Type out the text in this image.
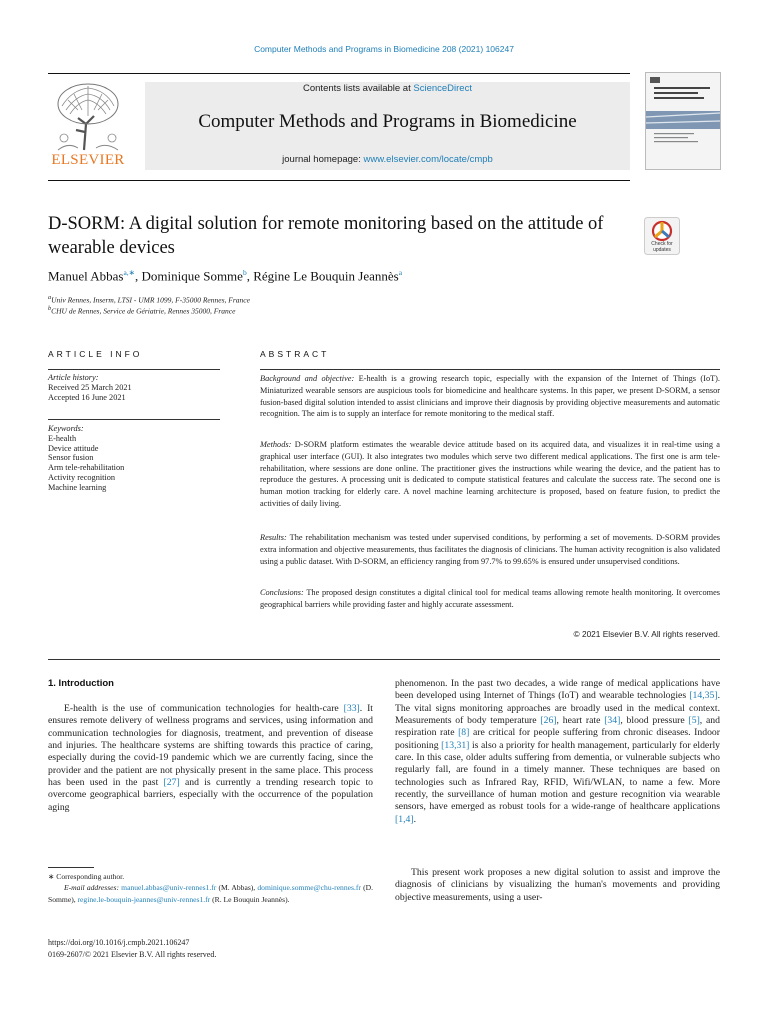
Computer Methods and Programs in Biomedicine 208 (2021) 106247
ELSEVIER
Contents lists available at ScienceDirect
Computer Methods and Programs in Biomedicine
journal homepage: www.elsevier.com/locate/cmpb
D-SORM: A digital solution for remote monitoring based on the attitude of wearable devices	Check for
updates
Manuel Abbas$^{a,∗}$, Dominique Somme$^b$, Régine Le Bouquin Jeannès$^a$
$^a$Univ Rennes, Inserm, LTSI - UMR 1099, F-35000 Rennes, France
$^b$CHU de Rennes, Service de Gériatrie, Rennes 35000, France
ARTICLE INFO
Article history:
Received 25 March 2021
Accepted 16 June 2021
Keywords:
E-health
Device attitude
Sensor fusion
Arm tele-rehabilitation
Activity recognition
Machine learning
ABSTRACT
Background and objective: E-health is a growing research topic, especially with the expansion of the Internet of Things (IoT). Miniaturized wearable sensors are auspicious tools for biomedicine and healthcare systems. In this paper, we present D-SORM, a sensor fusion-based digital solution intended to assist clinicians and improve their diagnosis by providing objective measurements and automatic recognition. The aim is to supply an interface for remote monitoring to the medical staff.
Methods: D-SORM platform estimates the wearable device attitude based on its acquired data, and visualizes it in real-time using a graphical user interface (GUI). It also integrates two modules which serve two different medical applications. The first one is arm tele-rehabilitation, where sessions are done online. The practitioner gives the instructions while wearing the device, and the patient has to reproduce the gestures. A processing unit is dedicated to compute statistical features and calculate the success rate. The second one is human motion tracking for elderly care. A novel machine learning architecture is proposed, based on feature fusion, to predict the activities of daily living.
Results: The rehabilitation mechanism was tested under supervised conditions, by performing a set of movements. D-SORM provides extra information and objective measurements, thus facilitates the diagnosis of clinicians. The human activity recognition is also validated using a public dataset. With D-SORM, an efficiency ranging from 97.7% to 99.65% is ensured under unsupervised conditions.
Conclusions: The proposed design constitutes a digital clinical tool for medical teams allowing remote health monitoring. It overcomes geographical barriers while providing faster and highly accurate assessment.
© 2021 Elsevier B.V. All rights reserved.
1. Introduction
E-health is the use of communication technologies for health-care [33]. It ensures remote delivery of wellness programs and services, using information and communication technologies for diagnosis, treatment, and prevention of disease and injuries. The healthcare systems are shifting towards this practice of caring, especially during the covid-19 pandemic which we are currently facing, since the provider and the patient are not physically present in the same place. This process has been used in the past [27] and is currently a trending research topic to overcome geographical barriers, especially with the occurrence of the population aging
phenomenon. In the past two decades, a wide range of medical applications have been developed using Internet of Things (IoT) and wearable technologies [14,35]. The vital signs monitoring approaches are broadly used in the medical context. Measurements of body temperature [26], heart rate [34], blood pressure [5], and respiration rate [8] are critical for people suffering from chronic diseases. Indoor positioning [13,31] is also a priority for health management, particularly for elderly care. In this case, older adults suffering from dementia, or vulnerable subjects who regularly fall, are found in a timely manner. These techniques are based on technologies such as Infrared Ray, RFID, Wifi/WLAN, to name a few. More recently, the surveillance of human motion and gesture recognition via wearable sensors, have emerged as robust tools for a wide-range of healthcare applications [1,4].
This present work proposes a new digital solution to assist and improve the diagnosis of clinicians by visualizing the human's movements and providing objective measurements, using a user-
∗ Corresponding author.
E-mail addresses: manuel.abbas@univ-rennes1.fr (M. Abbas), dominique.somme@chu-rennes.fr (D. Somme), regine.le-bouquin-jeannes@univ-rennes1.fr (R. Le Bouquin Jeannès).
https://doi.org/10.1016/j.cmpb.2021.106247
0169-2607/© 2021 Elsevier B.V. All rights reserved.
